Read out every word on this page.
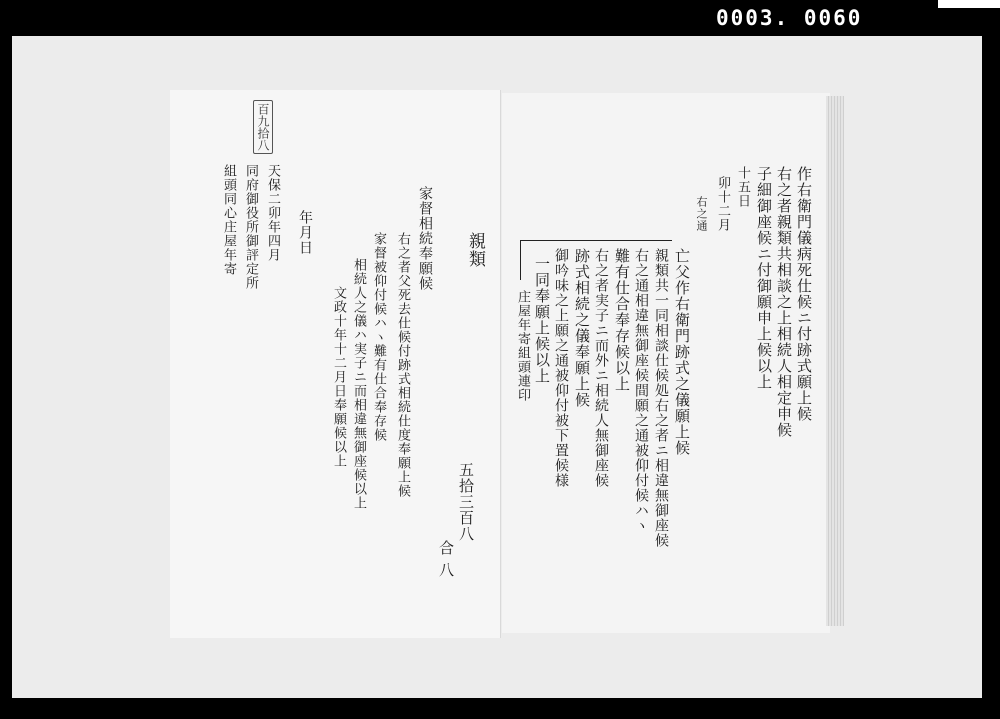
0003. 0060
百九拾八
親類
五拾三百八
合 八
家督相続奉願候
右之者父死去仕候付跡式相続仕度奉願上候
家督被仰付候ハヽ難有仕合奉存候
相続人之儀ハ実子ニ而相違無御座候以上
文政十年十二月日奉願候以上
年月日
天保二卯年四月
同府御役所御評定所
組頭同心庄屋年寄	作右衛門儀病死仕候ニ付跡式願上候
右之者親類共相談之上相続人相定申候
子細御座候ニ付御願申上候以上
十五日
卯十二月
右之通
亡父作右衛門跡式之儀願上候
親類共一同相談仕候処右之者ニ相違無御座候
右之通相違無御座候間願之通被仰付候ハヽ
難有仕合奉存候以上
右之者実子ニ而外ニ相続人無御座候
跡式相続之儀奉願上候
御吟味之上願之通被仰付被下置候様
一同奉願上候以上
庄屋年寄組頭連印
